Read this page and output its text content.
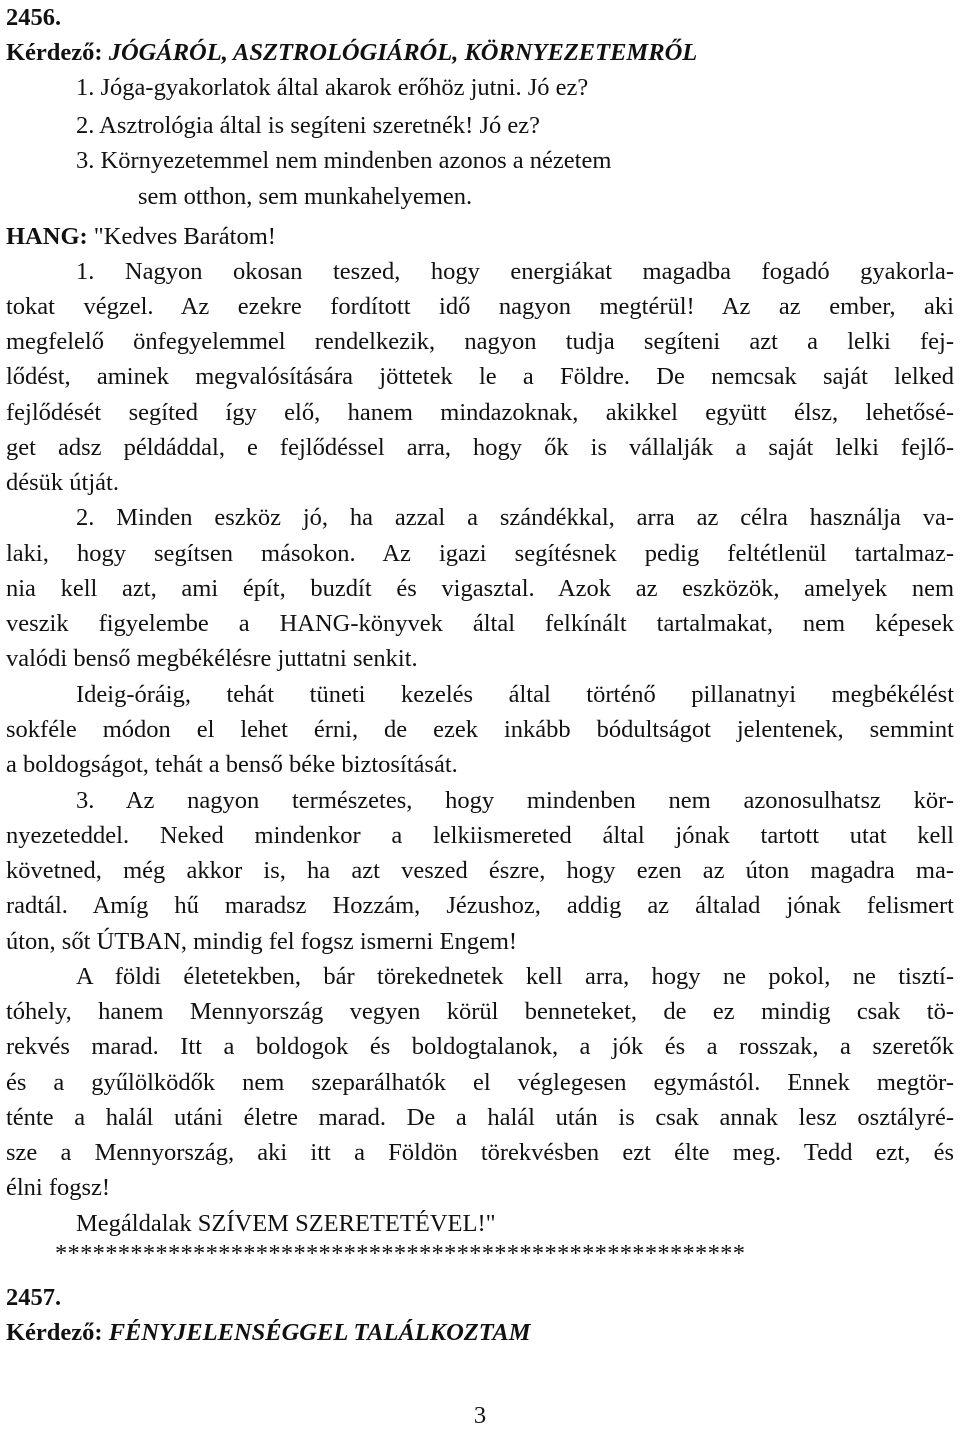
2456.
Kérdező: JÓGÁRÓL, ASZTROLÓGIÁRÓL, KÖRNYEZETEMRŐL
1. Jóga-gyakorlatok által akarok erőhöz jutni. Jó ez?
2. Asztrológia által is segíteni szeretnék! Jó ez?
3. Környezetemmel nem mindenben azonos a nézetem
sem otthon, sem munkahelyemen.
HANG: "Kedves Barátom!
1. Nagyon okosan teszed, hogy energiákat magadba fogadó gyakorla-
tokat végzel. Az ezekre fordított idő nagyon megtérül! Az az ember, aki
megfelelő önfegyelemmel rendelkezik, nagyon tudja segíteni azt a lelki fej-
lődést, aminek megvalósítására jöttetek le a Földre. De nemcsak saját lelked
fejlődését segíted így elő, hanem mindazoknak, akikkel együtt élsz, lehetősé-
get adsz példáddal, e fejlődéssel arra, hogy ők is vállalják a saját lelki fejlő-
désük útját.
2. Minden eszköz jó, ha azzal a szándékkal, arra az célra használja va-
laki, hogy segítsen másokon. Az igazi segítésnek pedig feltétlenül tartalmaz-
nia kell azt, ami épít, buzdít és vigasztal. Azok az eszközök, amelyek nem
veszik figyelembe a HANG-könyvek által felkínált tartalmakat, nem képesek
valódi benső megbékélésre juttatni senkit.
Ideig-óráig, tehát tüneti kezelés által történő pillanatnyi megbékélést
sokféle módon el lehet érni, de ezek inkább bódultságot jelentenek, semmint
a boldogságot, tehát a benső béke biztosítását.
3. Az nagyon természetes, hogy mindenben nem azonosulhatsz kör-
nyezeteddel. Neked mindenkor a lelkiismereted által jónak tartott utat kell
követned, még akkor is, ha azt veszed észre, hogy ezen az úton magadra ma-
radtál. Amíg hű maradsz Hozzám, Jézushoz, addig az általad jónak felismert
úton, sőt ÚTBAN, mindig fel fogsz ismerni Engem!
A földi életetekben, bár törekednetek kell arra, hogy ne pokol, ne tisztí-
tóhely, hanem Mennyország vegyen körül benneteket, de ez mindig csak tö-
rekvés marad. Itt a boldogok és boldogtalanok, a jók és a rosszak, a szeretők
és a gyűlölködők nem szeparálhatók el véglegesen egymástól. Ennek megtör-
ténte a halál utáni életre marad. De a halál után is csak annak lesz osztályré-
sze a Mennyország, aki itt a Földön törekvésben ezt élte meg. Tedd ezt, és
élni fogsz!
Megáldalak SZÍVEM SZERETETÉVEL!"
*******************************************************
2457.
Kérdező: FÉNYJELENSÉGGEL TALÁLKOZTAM
3
